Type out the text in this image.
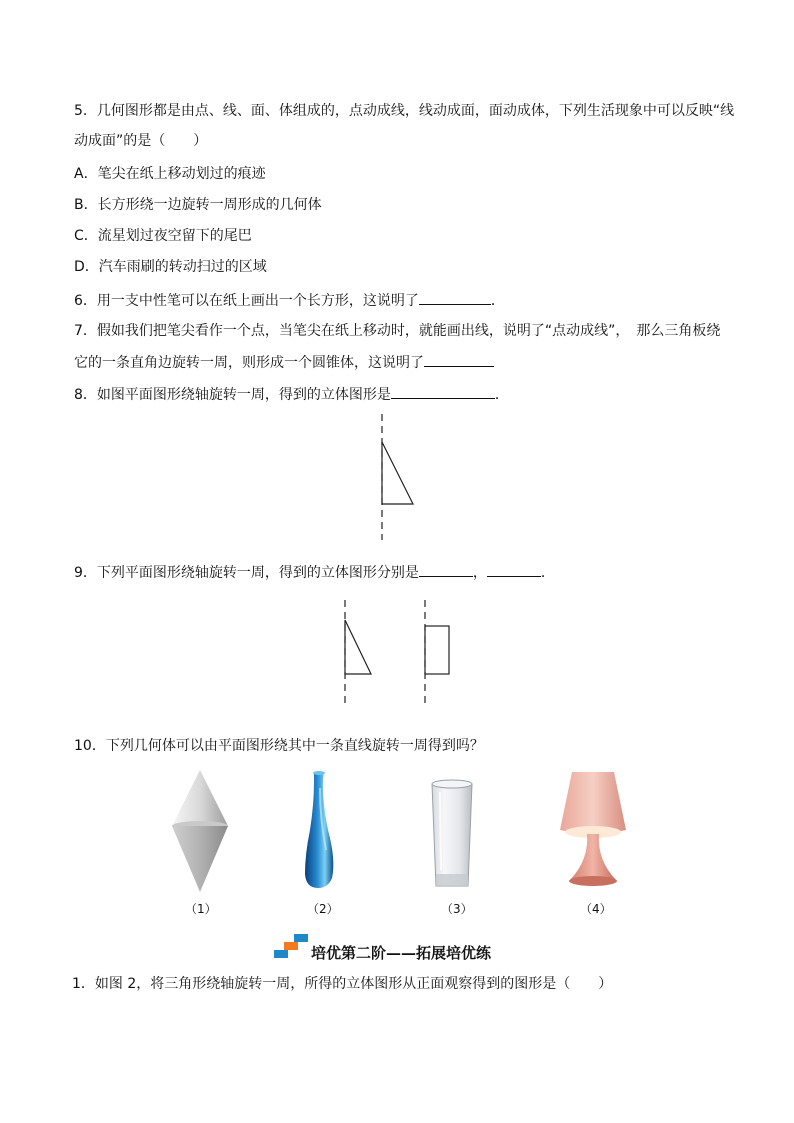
5．几何图形都是由点、线、面、体组成的，点动成线，线动成面，面动成体，下列生活现象中可以反映“线
动成面”的是（　　）
A．笔尖在纸上移动划过的痕迹
B．长方形绕一边旋转一周形成的几何体
C．流星划过夜空留下的尾巴
D．汽车雨刷的转动扫过的区域
6．用一支中性笔可以在纸上画出一个长方形，这说明了	．
7．假如我们把笔尖看作一个点，当笔尖在纸上移动时，就能画出线，说明了“点动成线”，　那么三角板绕
它的一条直角边旋转一周，则形成一个圆锥体，这说明了
8．如图平面图形绕轴旋转一周，得到的立体图形是	．
9．下列平面图形绕轴旋转一周，得到的立体图形分别是	，	．
10．下列几何体可以由平面图形绕其中一条直线旋转一周得到吗？
（1）	（2）	（3）	（4）
培优第二阶——拓展培优练
1．如图 2，将三角形绕轴旋转一周，所得的立体图形从正面观察得到的图形是（　　）
